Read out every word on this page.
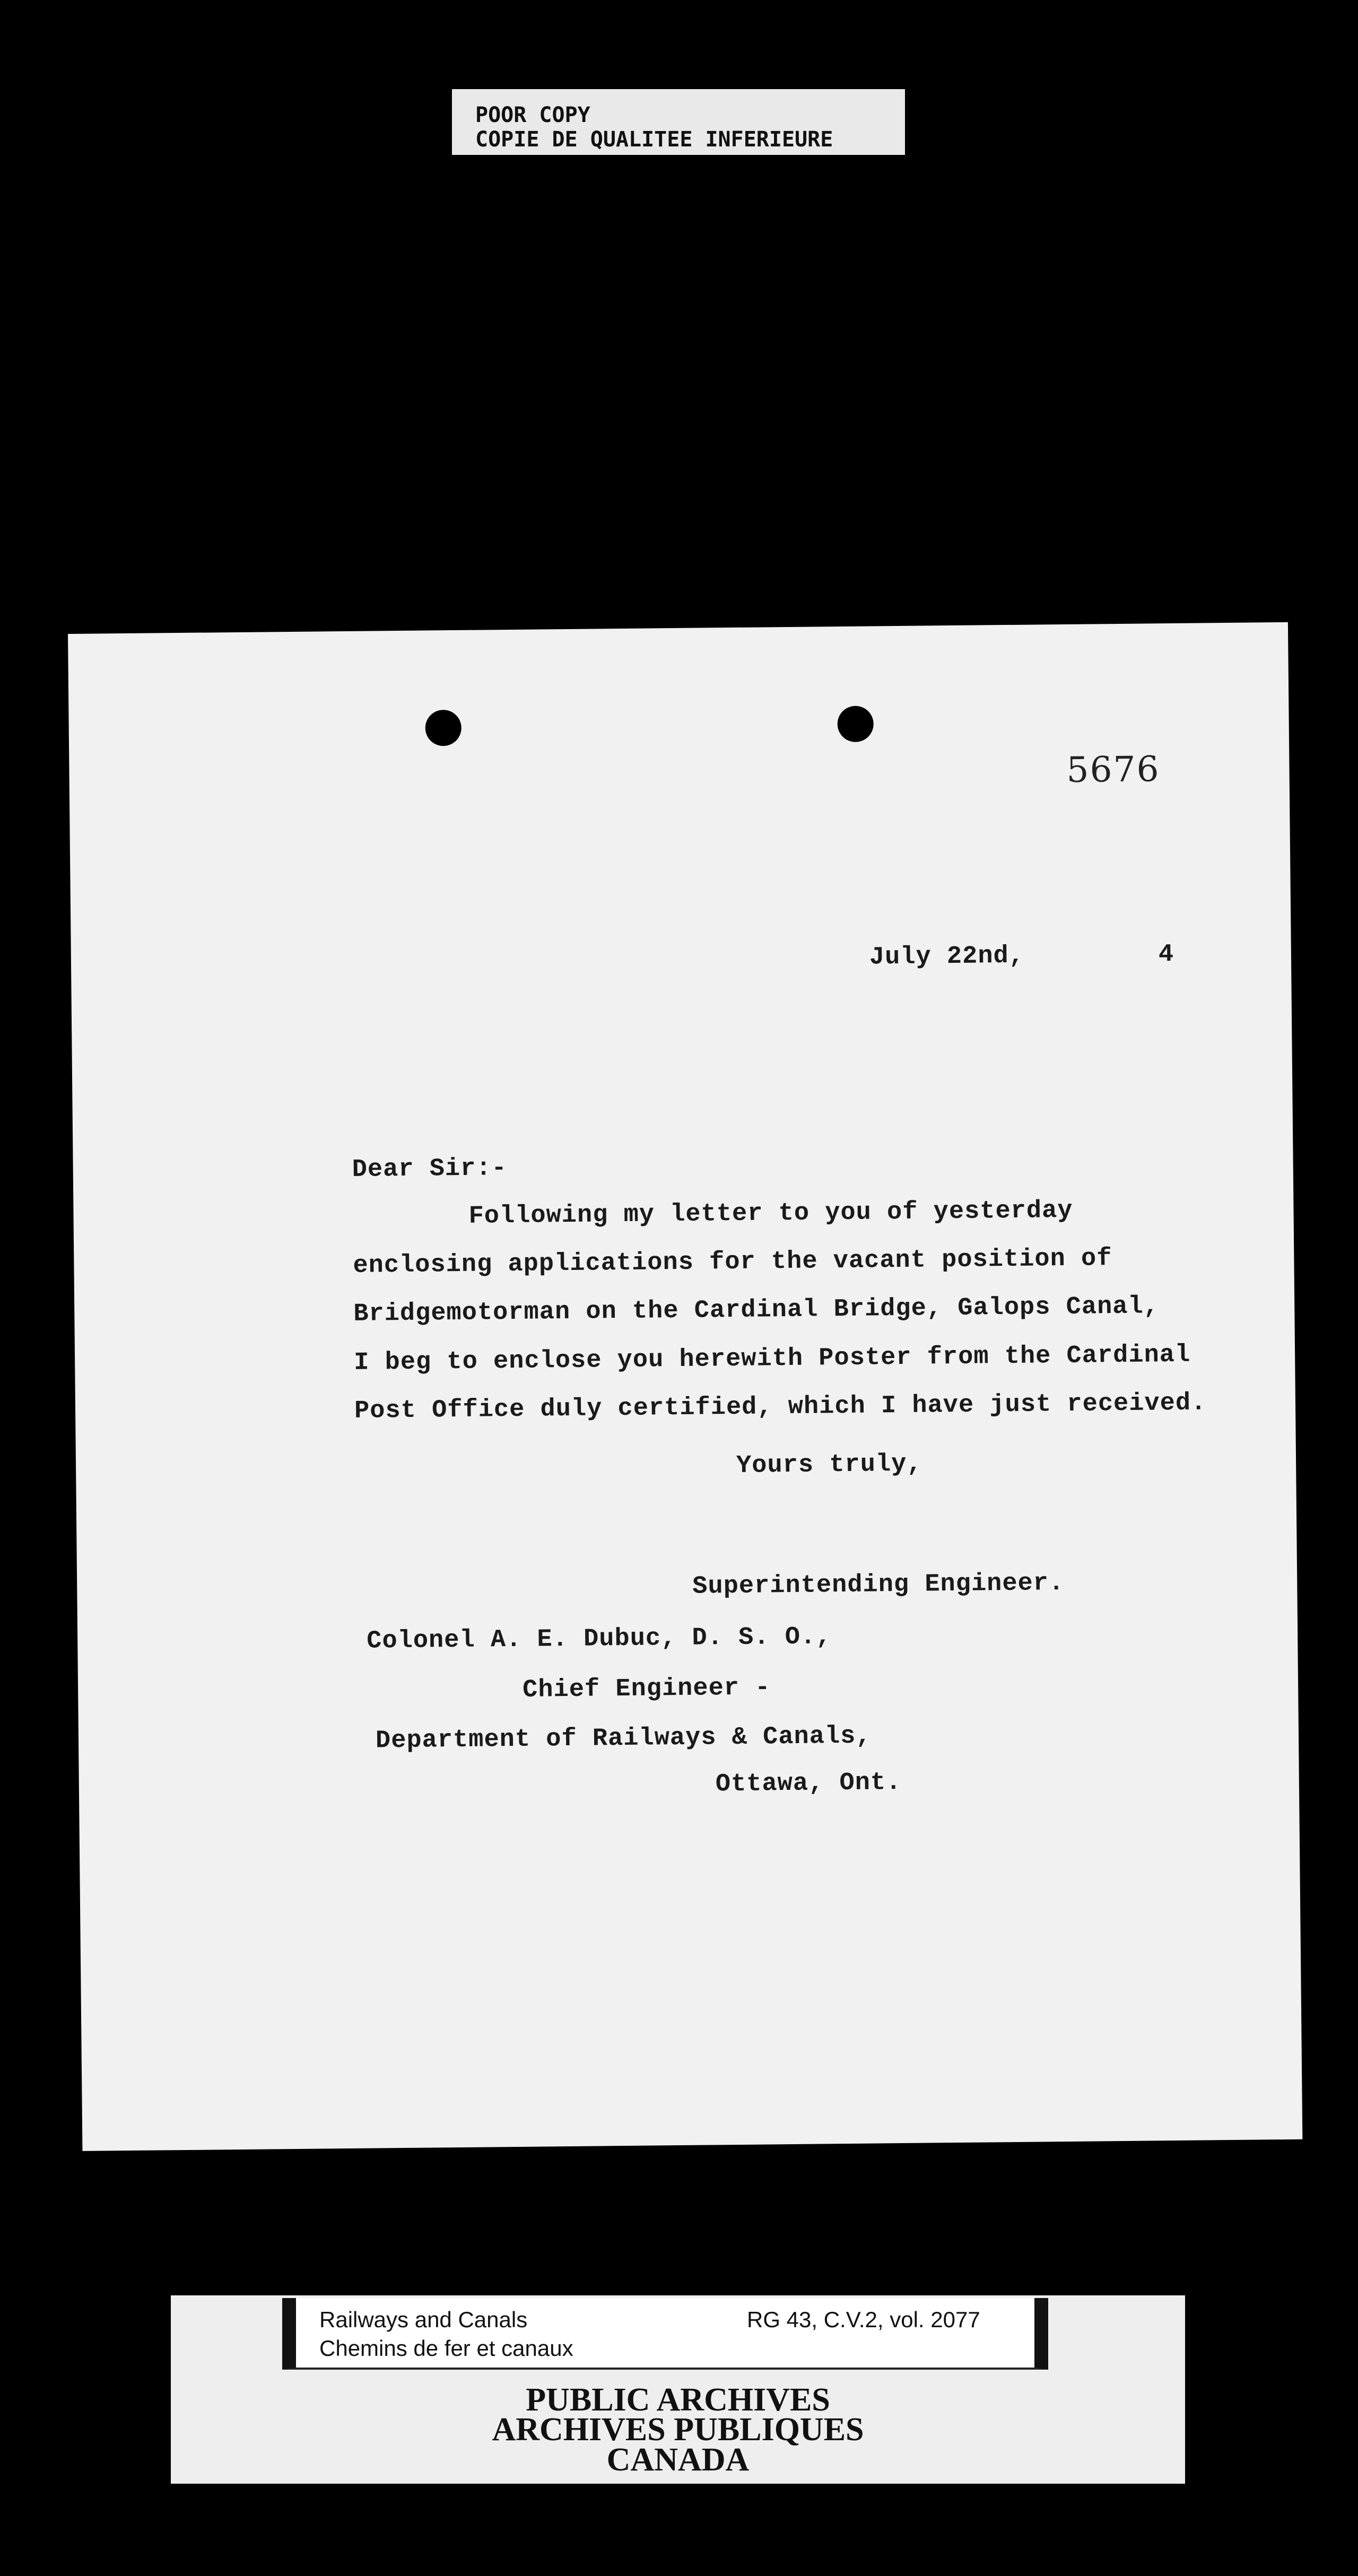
POOR COPY
COPIE DE QUALITEE INFERIEURE
5676
July 22nd,	4
Dear Sir:-
Following my letter to you of yesterday
enclosing applications for the vacant position of
Bridgemotorman on the Cardinal Bridge, Galops Canal,
I beg to enclose you herewith Poster from the Cardinal
Post Office duly certified, which I have just received.
Yours truly,
Superintending Engineer.
Colonel A. E. Dubuc, D. S. O.,
Chief Engineer -
Department of Railways & Canals,
Ottawa, Ont.
Railways and Canals
Chemins de fer et canaux
RG 43, C.V.2, vol. 2077
PUBLIC ARCHIVES
ARCHIVES PUBLIQUES
CANADA
